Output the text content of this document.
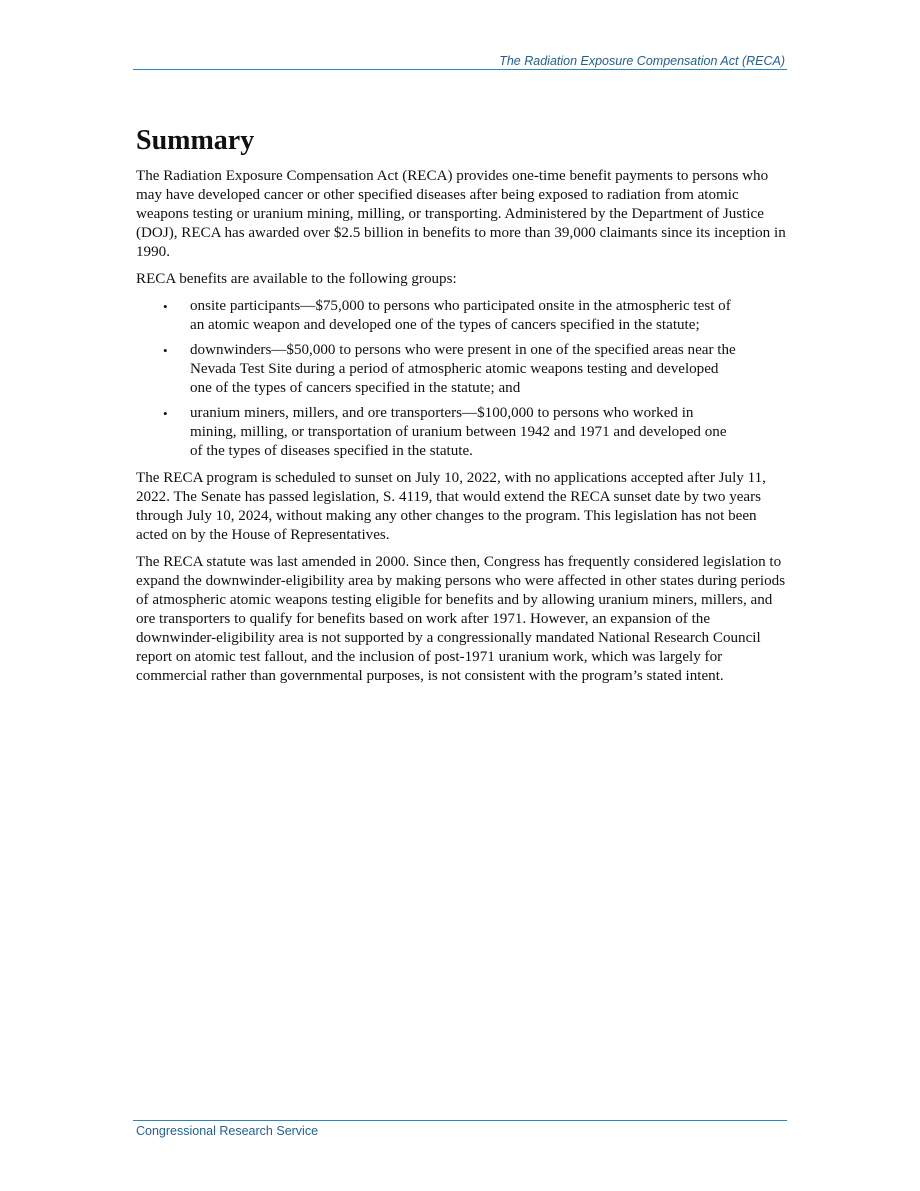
The Radiation Exposure Compensation Act (RECA)
Summary

The Radiation Exposure Compensation Act (RECA) provides one-time benefit payments to persons who may have developed cancer or other specified diseases after being exposed to radiation from atomic weapons testing or uranium mining, milling, or transporting. Administered by the Department of Justice (DOJ), RECA has awarded over $2.5 billion in benefits to more than 39,000 claimants since its inception in 1990.

RECA benefits are available to the following groups:

• onsite participants—$75,000 to persons who participated onsite in the atmospheric test of an atomic weapon and developed one of the types of cancers specified in the statute;
• downwinders—$50,000 to persons who were present in one of the specified areas near the Nevada Test Site during a period of atmospheric atomic weapons testing and developed one of the types of cancers specified in the statute; and
• uranium miners, millers, and ore transporters—$100,000 to persons who worked in mining, milling, or transportation of uranium between 1942 and 1971 and developed one of the types of diseases specified in the statute.

The RECA program is scheduled to sunset on July 10, 2022, with no applications accepted after July 11, 2022. The Senate has passed legislation, S. 4119, that would extend the RECA sunset date by two years through July 10, 2024, without making any other changes to the program. This legislation has not been acted on by the House of Representatives.

The RECA statute was last amended in 2000. Since then, Congress has frequently considered legislation to expand the downwinder-eligibility area by making persons who were affected in other states during periods of atmospheric atomic weapons testing eligible for benefits and by allowing uranium miners, millers, and ore transporters to qualify for benefits based on work after 1971. However, an expansion of the downwinder-eligibility area is not supported by a congressionally mandated National Research Council report on atomic test fallout, and the inclusion of post-1971 uranium work, which was largely for commercial rather than governmental purposes, is not consistent with the program’s stated intent.

Congressional Research Service
